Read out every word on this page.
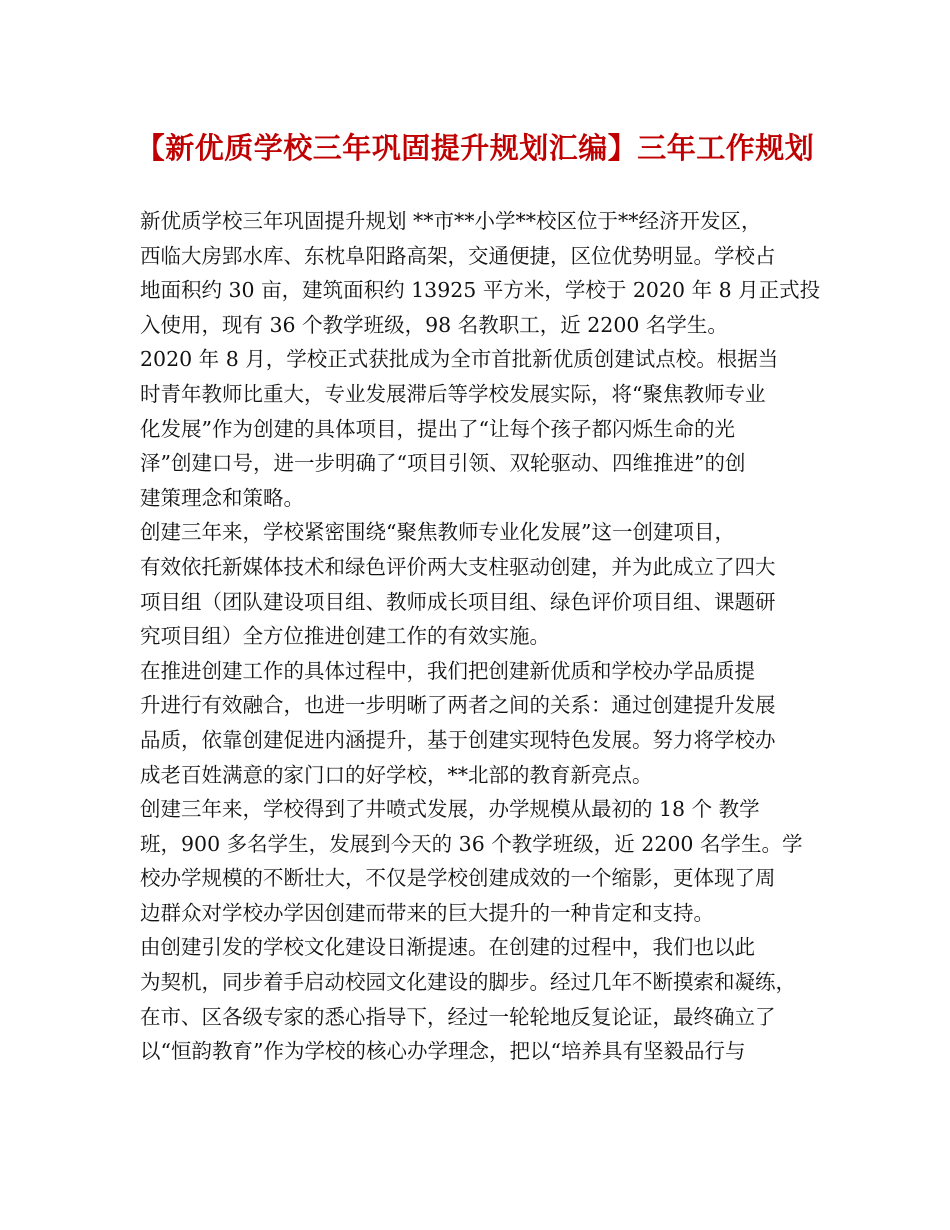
【新优质学校三年巩固提升规划汇编】三年工作规划
新优质学校三年巩固提升规划 **市**小学**校区位于**经济开发区，
西临大房郢水库、东枕阜阳路高架，交通便捷，区位优势明显。学校占
地面积约 30 亩，建筑面积约 13925 平方米，学校于 2020 年 8 月正式投
入使用，现有 36 个教学班级，98 名教职工，近 2200 名学生。
2020 年 8 月，学校正式获批成为全市首批新优质创建试点校。根据当
时青年教师比重大，专业发展滞后等学校发展实际，将“聚焦教师专业
化发展”作为创建的具体项目，提出了“让每个孩子都闪烁生命的光
泽”创建口号，进一步明确了“项目引领、双轮驱动、四维推进”的创
建策理念和策略。
创建三年来，学校紧密围绕“聚焦教师专业化发展”这一创建项目，
有效依托新媒体技术和绿色评价两大支柱驱动创建，并为此成立了四大
项目组（团队建设项目组、教师成长项目组、绿色评价项目组、课题研
究项目组）全方位推进创建工作的有效实施。
在推进创建工作的具体过程中，我们把创建新优质和学校办学品质提
升进行有效融合，也进一步明晰了两者之间的关系：通过创建提升发展
品质，依靠创建促进内涵提升，基于创建实现特色发展。努力将学校办
成老百姓满意的家门口的好学校，**北部的教育新亮点。
创建三年来，学校得到了井喷式发展，办学规模从最初的 18 个 教学
班，900 多名学生，发展到今天的 36 个教学班级，近 2200 名学生。学
校办学规模的不断壮大，不仅是学校创建成效的一个缩影，更体现了周
边群众对学校办学因创建而带来的巨大提升的一种肯定和支持。
由创建引发的学校文化建设日渐提速。在创建的过程中，我们也以此
为契机，同步着手启动校园文化建设的脚步。经过几年不断摸索和凝练，
在市、区各级专家的悉心指导下，经过一轮轮地反复论证，最终确立了
以“恒韵教育”作为学校的核心办学理念，把以“培养具有坚毅品行与
